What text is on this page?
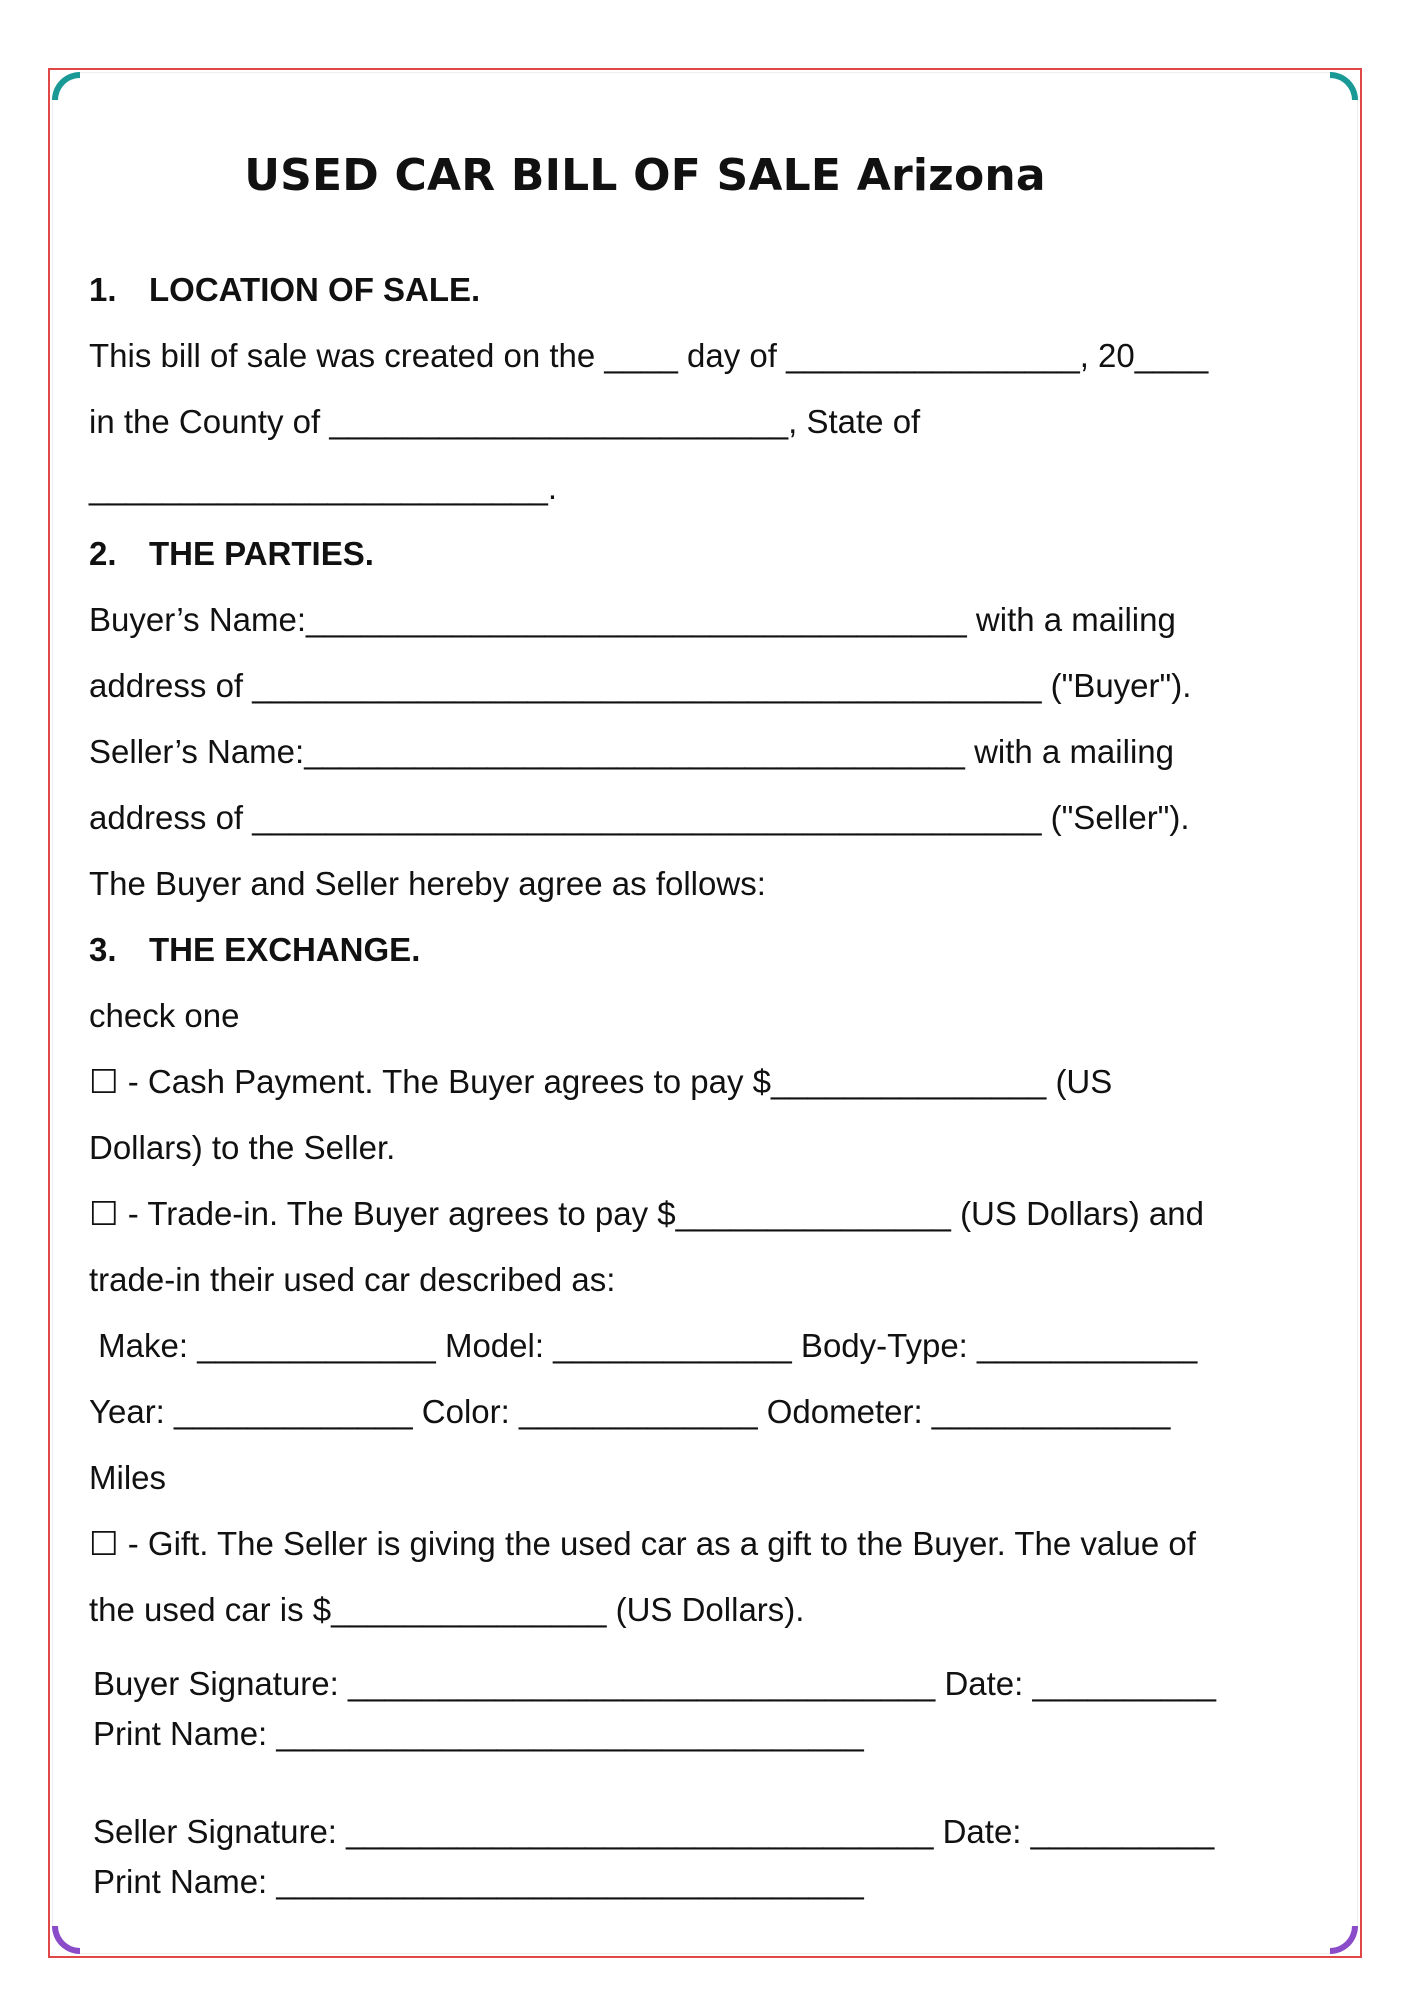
USED CAR BILL OF SALE Arizona
1. LOCATION OF SALE.
This bill of sale was created on the ____ day of ________________, 20____
in the County of _________________________, State of
_________________________.
2. THE PARTIES.
Buyer’s Name:____________________________________ with a mailing
address of ___________________________________________ ("Buyer").
Seller’s Name:____________________________________ with a mailing
address of ___________________________________________ ("Seller").
The Buyer and Seller hereby agree as follows:
3. THE EXCHANGE.
check one
☐ - Cash Payment. The Buyer agrees to pay $_______________ (US
Dollars) to the Seller.
☐ - Trade-in. The Buyer agrees to pay $_______________ (US Dollars) and
trade-in their used car described as:
Make: _____________ Model: _____________ Body-Type: ____________
Year: _____________ Color: _____________ Odometer: _____________
Miles
☐ - Gift. The Seller is giving the used car as a gift to the Buyer. The value of
the used car is $_______________ (US Dollars).
Buyer Signature: ________________________________ Date: __________
Print Name: ________________________________
Seller Signature: ________________________________ Date: __________
Print Name: ________________________________
